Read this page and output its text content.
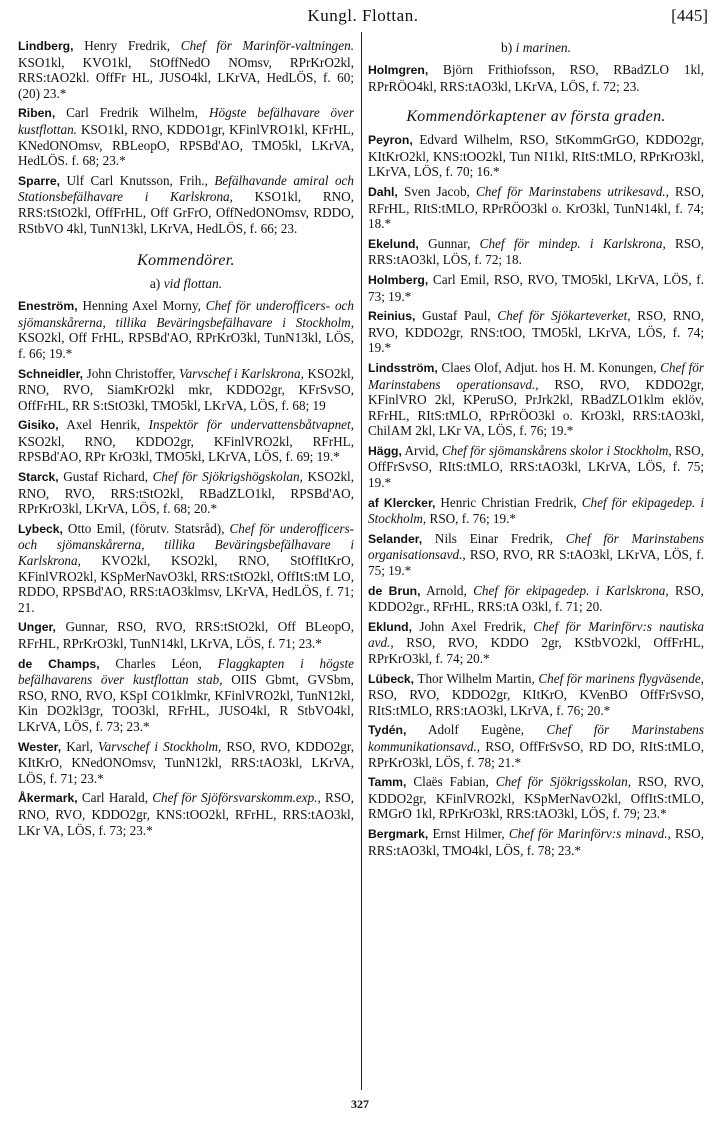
Kungl. Flottan.	[445]

Lindberg, Henry Fredrik, Chef för Marinför-valtningen. KSO1kl, KVO1kl, StOffNedO NOmsv, RPrKrO2kl, RRS:tAO2kl. OffFr HL, JUSO4kl, LKrVA, HedLÖS, f. 60; (20) 23.*

Riben, Carl Fredrik Wilhelm, Högste befälhavare över kustflottan. KSO1kl, RNO, KDDO1gr, KFinlVRO1kl, KFrHL, KNedONOmsv, RBLeopO, RPSBd'AO, TMO5kl, LKrVA, HedLÖS. f. 68; 23.*

Sparre, Ulf Carl Knutsson, Frih., Befälhavande amiral och Stationsbefälhavare i Karlskrona, KSO1kl, RNO, RRS:tStO2kl, OffFrHL, Off GrFrO, OffNedONOmsv, RDDO, RStbVO 4kl, TunN13kl, LKrVA, HedLÖS, f. 66; 23.

Kommendörer.
a) vid flottan.

Eneström, Henning Axel Morny, Chef för underofficers- och sjömanskårerna, tillika Beväringsbefälhavare i Stockholm, KSO2kl, Off FrHL, RPSBd'AO, RPrKrO3kl, TunN13kl, LÖS, f. 66; 19.*

Schneidler, John Christoffer, Varvschef i Karlskrona, KSO2kl, RNO, RVO, SiamKrO2kl mkr, KDDO2gr, KFrSvSO, OffFrHL, RR S:tStO3kl, TMO5kl, LKrVA, LÖS, f. 68; 19

Gisiko, Axel Henrik, Inspektör för undervattensbåtvapnet, KSO2kl, RNO, KDDO2gr, KFinlVRO2kl, RFrHL, RPSBd'AO, RPr KrO3kl, TMO5kl, LKrVA, LÖS, f. 69; 19.*

Starck, Gustaf Richard, Chef för Sjökrigshögskolan, KSO2kl, RNO, RVO, RRS:tStO2kl, RBadZLO1kl, RPSBd'AO, RPrKrO3kl, LKrVA, LÖS, f. 68; 20.*

Lybeck, Otto Emil, (förutv. Statsråd), Chef för underofficers- och sjömanskårerna, tillika Beväringsbefälhavare i Karlskrona, KVO2kl, KSO2kl, RNO, StOffItKrO, KFinlVRO2kl, KSpMerNavO3kl, RRS:tStO2kl, OffItS:tM LO, RDDO, RPSBd'AO, RRS:tAO3klmsv, LKrVA, HedLÖS, f. 71; 21.

Unger, Gunnar, RSO, RVO, RRS:tStO2kl, Off BLeopO, RFrHL, RPrKrO3kl, TunN14kl, LKrVA, LÖS, f. 71; 23.*

de Champs, Charles Léon, Flaggkapten i högste befälhavarens över kustflottan stab, OIIS Gbmt, GVSbm, RSO, RNO, RVO, KSpI CO1klmkr, KFinlVRO2kl, TunN12kl, Kin DO2kl3gr, TOO3kl, RFrHL, JUSO4kl, R StbVO4kl, LKrVA, LÖS, f. 73; 23.*

Wester, Karl, Varvschef i Stockholm, RSO, RVO, KDDO2gr, KItKrO, KNedONOmsv, TunN12kl, RRS:tAO3kl, LKrVA, LÖS, f. 71; 23.*

Åkermark, Carl Harald, Chef för Sjöförsvarskomm.exp., RSO, RNO, RVO, KDDO2gr, KNS:tOO2kl, RFrHL, RRS:tAO3kl, LKr VA, LÖS, f. 73; 23.*

b) i marinen.

Holmgren, Björn Frithiofsson, RSO, RBadZLO 1kl, RPrRÖO4kl, RRS:tAO3kl, LKrVA, LÖS, f. 72; 23.

Kommendörkaptener av första graden.

Peyron, Edvard Wilhelm, RSO, StKommGrGO, KDDO2gr, KItKrO2kl, KNS:tOO2kl, Tun NI1kl, RItS:tMLO, RPrKrO3kl, LKrVA, LÖS, f. 70; 16.*

Dahl, Sven Jacob, Chef för Marinstabens utrikesavd., RSO, RFrHL, RItS:tMLO, RPrRÖO3kl o. KrO3kl, TunN14kl, f. 74; 18.*

Ekelund, Gunnar, Chef för mindep. i Karlskrona, RSO, RRS:tAO3kl, LÖS, f. 72; 18.

Holmberg, Carl Emil, RSO, RVO, TMO5kl, LKrVA, LÖS, f. 73; 19.*

Reinius, Gustaf Paul, Chef för Sjökarteverket, RSO, RNO, RVO, KDDO2gr, RNS:tOO, TMO5kl, LKrVA, LÖS, f. 74; 19.*

Lindsström, Claes Olof, Adjut. hos H. M. Konungen, Chef för Marinstabens operationsavd., RSO, RVO, KDDO2gr, KFinlVRO 2kl, KPeruSO, PrJrk2kl, RBadZLO1klm eklöv, RFrHL, RItS:tMLO, RPrRÖO3kl o. KrO3kl, RRS:tAO3kl, ChilAM 2kl, LKr VA, LÖS, f. 76; 19.*

Hägg, Arvid, Chef för sjömanskårens skolor i Stockholm, RSO, OffFrSvSO, RItS:tMLO, RRS:tAO3kl, LKrVA, LÖS, f. 75; 19.*

af Klercker, Henric Christian Fredrik, Chef för ekipagedep. i Stockholm, RSO, f. 76; 19.*

Selander, Nils Einar Fredrik, Chef för Marinstabens organisationsavd., RSO, RVO, RR S:tAO3kl, LKrVA, LÖS, f. 75; 19.*

de Brun, Arnold, Chef för ekipagedep. i Karlskrona, RSO, KDDO2gr., RFrHL, RRS:tA O3kl, f. 71; 20.

Eklund, John Axel Fredrik, Chef för Marinförv:s nautiska avd., RSO, RVO, KDDO 2gr, KStbVO2kl, OffFrHL, RPrKrO3kl, f. 74; 20.*

Lübeck, Thor Wilhelm Martin, Chef för marinens flygväsende, RSO, RVO, KDDO2gr, KItKrO, KVenBO OffFrSvSO, RItS:tMLO, RRS:tAO3kl, LKrVA, f. 76; 20.*

Tydén, Adolf Eugène, Chef för Marinstabens kommunikationsavd., RSO, OffFrSvSO, RD DO, RItS:tMLO, RPrKrO3kl, LÖS, f. 78; 21.*

Tamm, Claës Fabian, Chef för Sjökrigsskolan, RSO, RVO, KDDO2gr, KFinlVRO2kl, KSpMerNavO2kl, OffItS:tMLO, RMGrO 1kl, RPrKrO3kl, RRS:tAO3kl, LÖS, f. 79; 23.*

Bergmark, Ernst Hilmer, Chef för Marinförv:s minavd., RSO, RRS:tAO3kl, TMO4kl, LÖS, f. 78; 23.*

327
